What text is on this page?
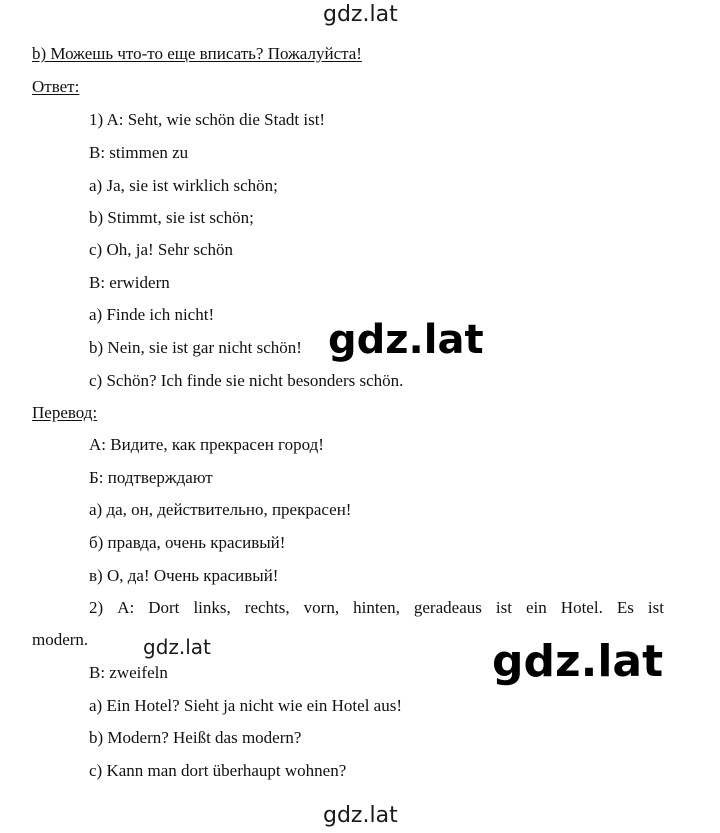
gdz.lat
b) Можешь что-то еще вписать? Пожалуйста!
Ответ:
1) A: Seht, wie schön die Stadt ist!
B: stimmen zu
a) Ja, sie ist wirklich schön;
b) Stimmt, sie ist schön;
c) Oh, ja! Sehr schön
B: erwidern
a) Finde ich nicht!
b) Nein, sie ist gar nicht schön!
c) Schön? Ich finde sie nicht besonders schön.
gdz.lat
Перевод:
А: Видите, как прекрасен город!
Б: подтверждают
а) да, он, действительно, прекрасен!
б) правда, очень красивый!
в) О, да! Очень красивый!
2) A: Dort links, rechts, vorn, hinten, geradeaus ist ein Hotel. Es ist
modern.	gdz.lat	gdz.lat
B: zweifeln
a) Ein Hotel? Sieht ja nicht wie ein Hotel aus!
b) Modern? Heißt das modern?
c) Kann man dort überhaupt wohnen?
gdz.lat
